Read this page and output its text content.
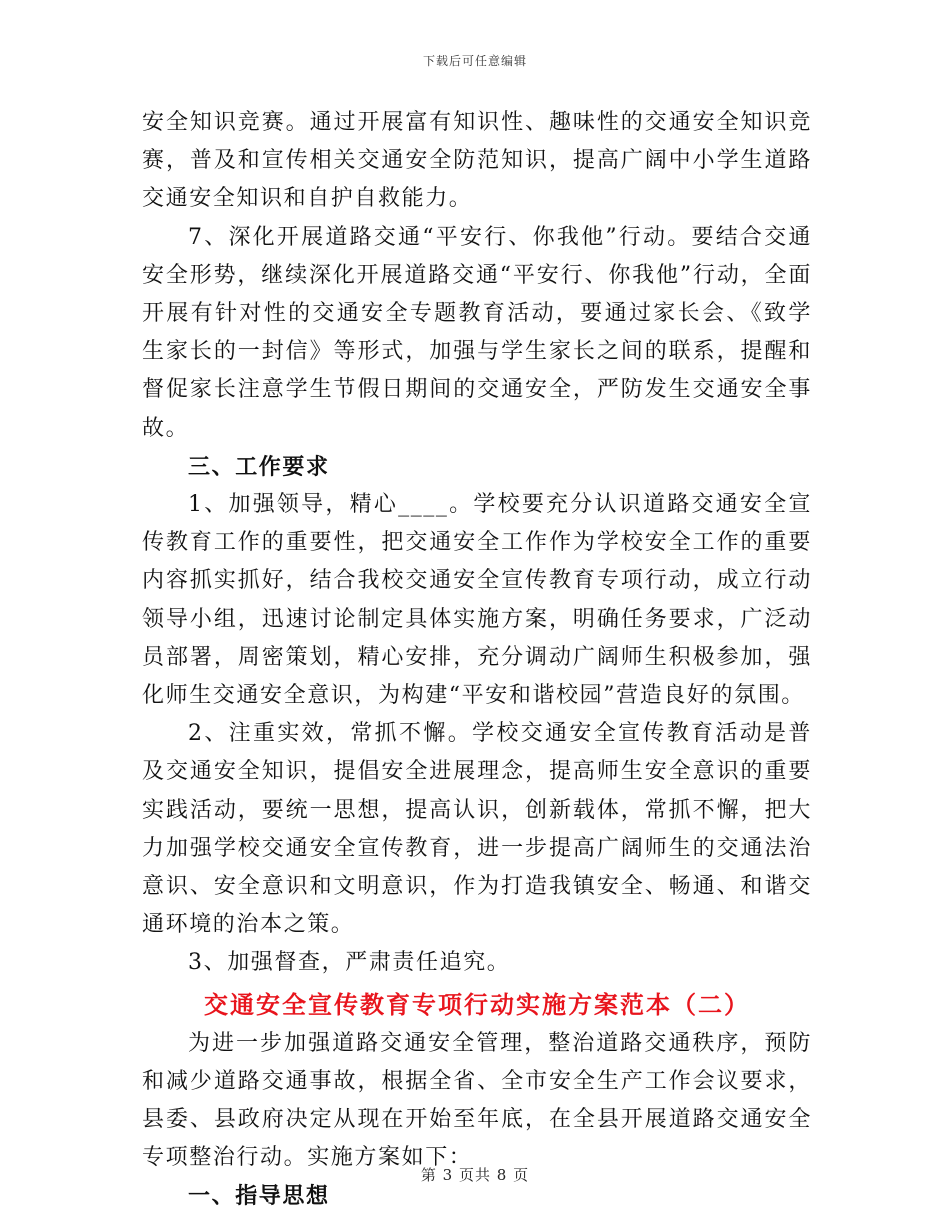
下载后可任意编辑

安全知识竞赛。通过开展富有知识性、趣味性的交通安全知识竞赛，普及和宣传相关交通安全防范知识，提高广阔中小学生道路交通安全知识和自护自救能力。

7、深化开展道路交通“平安行、你我他”行动。要结合交通安全形势，继续深化开展道路交通“平安行、你我他”行动，全面开展有针对性的交通安全专题教育活动，要通过家长会、《致学生家长的一封信》等形式，加强与学生家长之间的联系，提醒和督促家长注意学生节假日期间的交通安全，严防发生交通安全事故。

三、工作要求

1、加强领导，精心____。学校要充分认识道路交通安全宣传教育工作的重要性，把交通安全工作作为学校安全工作的重要内容抓实抓好，结合我校交通安全宣传教育专项行动，成立行动领导小组，迅速讨论制定具体实施方案，明确任务要求，广泛动员部署，周密策划，精心安排，充分调动广阔师生积极参加，强化师生交通安全意识，为构建“平安和谐校园”营造良好的氛围。

2、注重实效，常抓不懈。学校交通安全宣传教育活动是普及交通安全知识，提倡安全进展理念，提高师生安全意识的重要实践活动，要统一思想，提高认识，创新载体，常抓不懈，把大力加强学校交通安全宣传教育，进一步提高广阔师生的交通法治意识、安全意识和文明意识，作为打造我镇安全、畅通、和谐交通环境的治本之策。

3、加强督查，严肃责任追究。

交通安全宣传教育专项行动实施方案范本（二）

为进一步加强道路交通安全管理，整治道路交通秩序，预防和减少道路交通事故，根据全省、全市安全生产工作会议要求，县委、县政府决定从现在开始至年底，在全县开展道路交通安全专项整治行动。实施方案如下：

一、指导思想

第 3 页共 8 页
